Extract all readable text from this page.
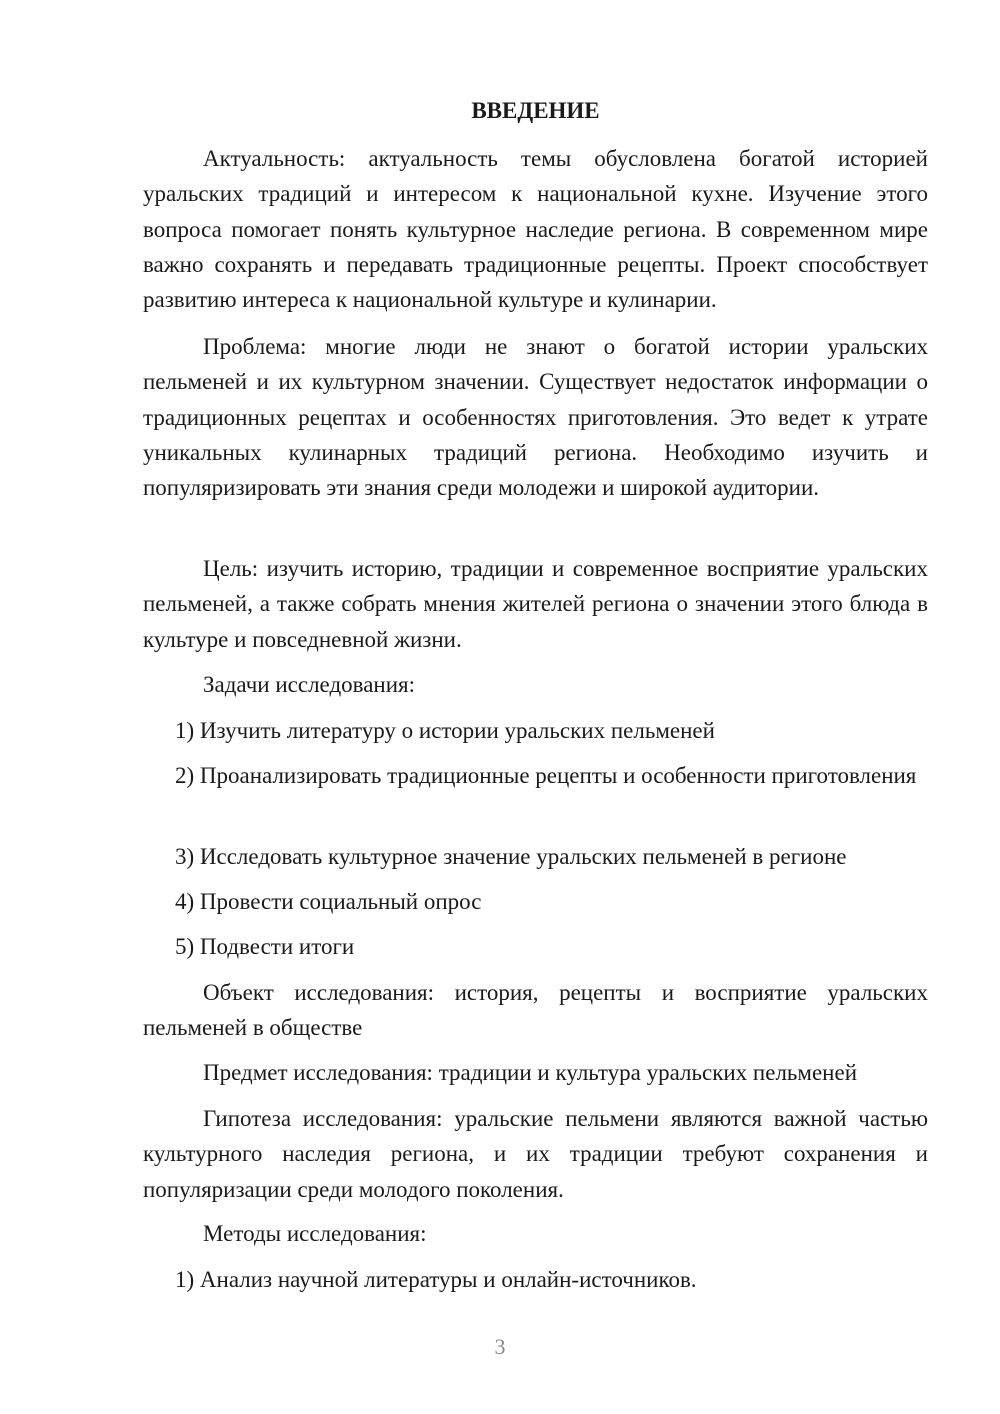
ВВЕДЕНИЕ

Актуальность: актуальность темы обусловлена богатой историей уральских традиций и интересом к национальной кухне. Изучение этого вопроса помогает понять культурное наследие региона. В современном мире важно сохранять и передавать традиционные рецепты. Проект способствует развитию интереса к национальной культуре и кулинарии.

Проблема: многие люди не знают о богатой истории уральских пельменей и их культурном значении. Существует недостаток информации о традиционных рецептах и особенностях приготовления. Это ведет к утрате уникальных кулинарных традиций региона. Необходимо изучить и популяризировать эти знания среди молодежи и широкой аудитории.

Цель: изучить историю, традиции и современное восприятие уральских пельменей, а также собрать мнения жителей региона о значении этого блюда в культуре и повседневной жизни.

Задачи исследования:

1) Изучить литературу о истории уральских пельменей

2) Проанализировать традиционные рецепты и особенности приготовления

3) Исследовать культурное значение уральских пельменей в регионе

4) Провести социальный опрос

5) Подвести итоги

Объект исследования: история, рецепты и восприятие уральских пельменей в обществе

Предмет исследования: традиции и культура уральских пельменей

Гипотеза исследования: уральские пельмени являются важной частью культурного наследия региона, и их традиции требуют сохранения и популяризации среди молодого поколения.

Методы исследования:

1) Анализ научной литературы и онлайн-источников.

3
